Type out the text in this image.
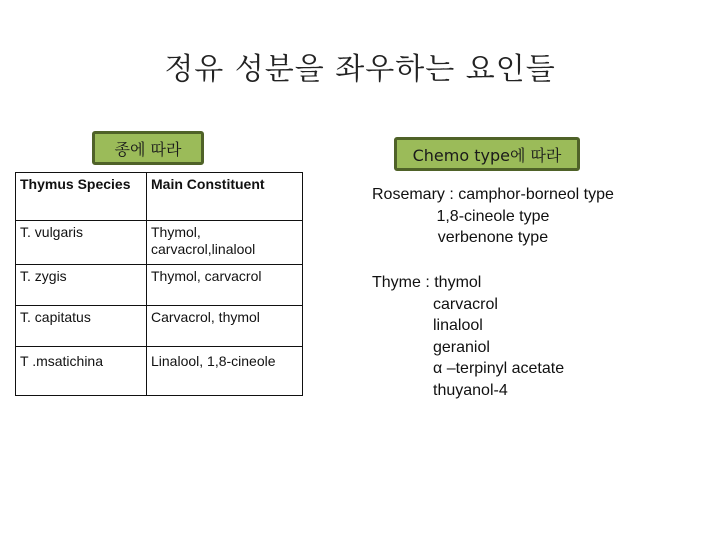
정유 성분을 좌우하는 요인들
종에 따라	Chemo type에 따라
Thymus Species	Main Constituent
T. vulgaris	Thymol, carvacrol,linalool
T. zygis	Thymol, carvacrol
T. capitatus	Carvacrol, thymol
T .msatichina	Linalool, 1,8-cineole
Rosemary : camphor-borneol type
1,8-cineole type
verbenone type
Thyme : thymol
carvacrol
linalool
geraniol
α –terpinyl acetate
thuyanol-4
